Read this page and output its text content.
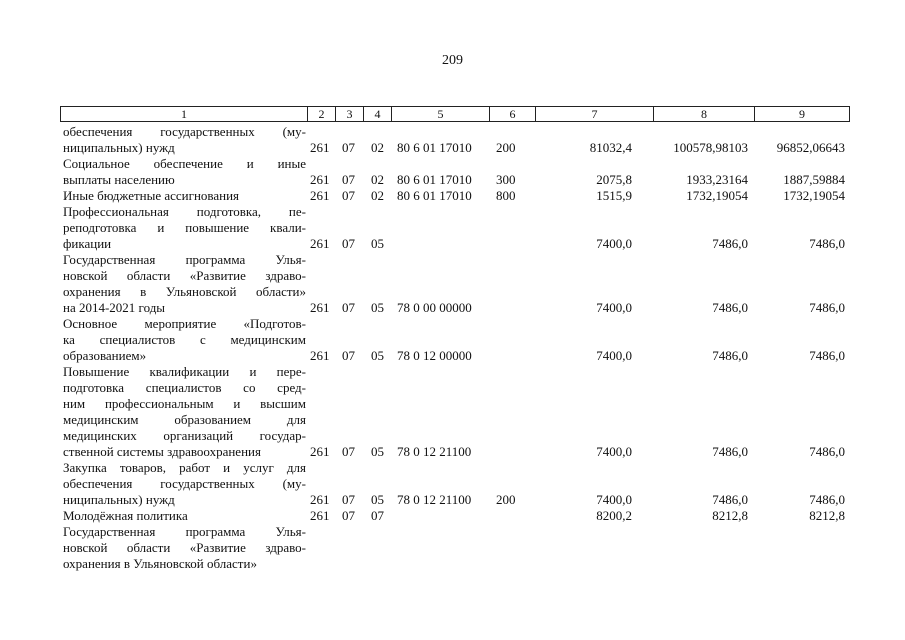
209
1	2	3	4	5	6	7	8	9
обеспечения государственных (му-
ниципальных) нужд	261 07 02 80 6 01 17010 200	81032,4	100578,98103 96852,06643
Социальное обеспечение и иные
выплаты населению	261 07 02 80 6 01 17010 300	2075,8	1933,23164	1887,59884
Иные бюджетные ассигнования	261 07 02 80 6 01 17010 800	1515,9	1732,19054	1732,19054
Профессиональная подготовка, пе-
реподготовка и повышение квали-
фикации	261 07 05	7400,0	7486,0	7486,0
Государственная программа Улья-
новской области «Развитие здраво-
охранения в Ульяновской области»
на 2014-2021 годы	261 07 05 78 0 00 00000	7400,0	7486,0	7486,0
Основное мероприятие «Подготов-
ка специалистов с медицинским
образованием»	261 07 05 78 0 12 00000	7400,0	7486,0	7486,0
Повышение квалификации и пере-
подготовка специалистов со сред-
ним профессиональным и высшим
медицинским образованием для
медицинских организаций государ-
ственной системы здравоохранения	261 07 05 78 0 12 21100	7400,0	7486,0	7486,0
Закупка товаров, работ и услуг для
обеспечения государственных (му-
ниципальных) нужд	261 07 05 78 0 12 21100 200	7400,0	7486,0	7486,0
Молодёжная политика	261 07 07	8200,2	8212,8	8212,8
Государственная программа Улья-
новской области «Развитие здраво-
охранения в Ульяновской области»
